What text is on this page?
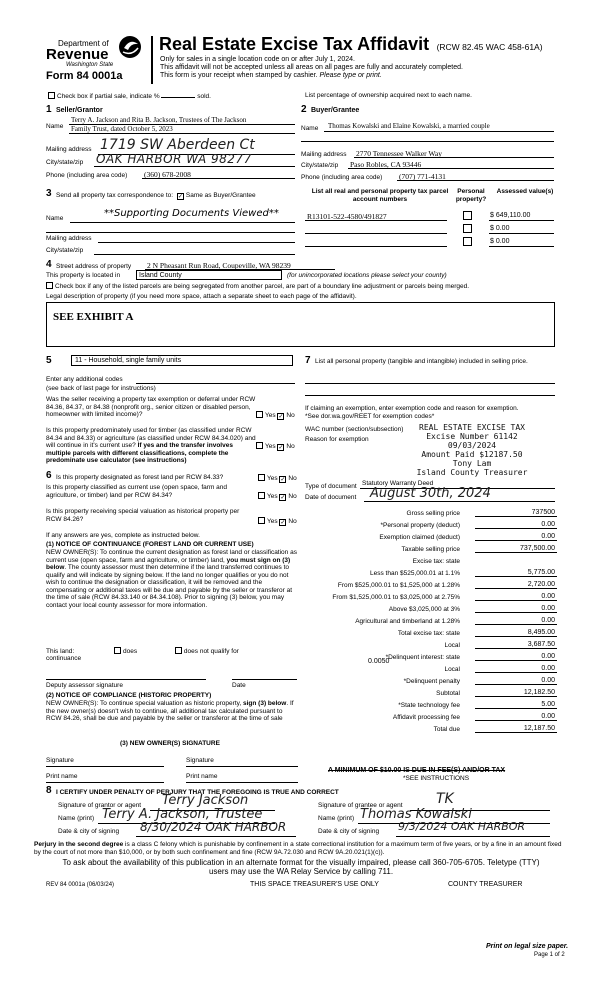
Department of
Revenue
Washington State
Form 84 0001a
Real Estate Excise Tax Affidavit (RCW 82.45 WAC 458-61A)
Only for sales in a single location code on or after July 1, 2024.
This affidavit will not be accepted unless all areas on all pages are fully and accurately completed.
This form is your receipt when stamped by cashier. Please type or print.
Check box if partial sale, indicate %	sold.	List percentage of ownership acquired next to each name.
1 Seller/Grantor
Name
Terry A. Jackson and Rita B. Jackson, Trustees of The Jackson
Family Trust, dated October 5, 2023
Mailing address 1719 SW Aberdeen Ct
City/state/zip OAK HARBOR WA 98277
Phone (including area code) (360) 678-2008
2 Buyer/Grantee
Name Thomas Kowalski and Elaine Kowalski, a married couple
Mailing address 2770 Tennessee Walker Way
City/state/zip Paso Robles, CA 93446
Phone (including area code) (707) 771-4131
3 Send all property tax correspondence to: ✓ Same as Buyer/Grantee
Name	**Supporting Documents Viewed**
Mailing address
City/state/zip
List all real and personal property tax parcel account numbers
Personal property?
Assessed value(s)
R13101-522-4580/491827	$ 649,110.00
$ 0.00
$ 0.00
4 Street address of property 2 N Pheasant Run Road, Coupeville, WA 98239
This property is located in	Island County	(for unincorporated locations please select your county)
Check box if any of the listed parcels are being segregated from another parcel, are part of a boundary line adjustment or parcels being merged.
Legal description of property (if you need more space, attach a separate sheet to each page of the affidavit).
SEE EXHIBIT A
5	11 - Household, single family units
Enter any additional codes
(see back of last page for instructions)
Was the seller receiving a property tax exemption or deferral under RCW 84.36, 84.37, or 84.38 (nonprofit org., senior citizen or disabled person, homeowner with limited income)?	Yes ✓ No
Is this property predominately used for timber (as classified under RCW 84.34 and 84.33) or agriculture (as classified under RCW 84.34.020) and will continue in it's current use? If yes and the transfer involves multiple parcels with different classifications, complete the predominate use calculator (see instructions)
Yes ✓ No
6 Is this property designated as forest land per RCW 84.33?	Yes ✓ No
Is this property classified as current use (open space, farm and agriculture, or timber) land per RCW 84.34?	Yes ✓ No
Is this property receiving special valuation as historical property per RCW 84.26?	Yes ✓ No
If any answers are yes, complete as instructed below.
(1) NOTICE OF CONTINUANCE (FOREST LAND OR CURRENT USE)
NEW OWNER(S): To continue the current designation as forest land or classification as current use (open space, farm and agriculture, or timber) land, you must sign on (3) below. The county assessor must then determine if the land transferred continues to qualify and will indicate by signing below. If the land no longer qualifies or you do not wish to continue the designation or classification, it will be removed and the compensating or additional taxes will be due and payable by the seller or transferor at the time of sale (RCW 84.33.140 or 84.34.108). Prior to signing (3) below, you may contact your local county assessor for more information.
This land:	does	does not qualify for
continuance
Deputy assessor signature	Date
(2) NOTICE OF COMPLIANCE (HISTORIC PROPERTY)
NEW OWNER(S): To continue special valuation as historic property, sign (3) below. If the new owner(s) doesn't wish to continue, all additional tax calculated pursuant to RCW 84.26, shall be due and payable by the seller or transferor at the time of sale
(3) NEW OWNER(S) SIGNATURE
Signature	Signature
Print name	Print name
7 List all personal property (tangible and intangible) included in selling price.
If claiming an exemption, enter exemption code and reason for exemption. *See dor.wa.gov/REET for exemption codes*
WAC number (section/subsection)
Reason for exemption
REAL ESTATE EXCISE TAX
Excise Number 61142
09/03/2024
Amount Paid $12187.50
Tony Lam
Island County Treasurer
Type of document Statutory Warranty Deed
Date of document August 30th, 2024
Gross selling price	737500
*Personal property (deduct)	0.00
Exemption claimed (deduct)	0.00
Taxable selling price	737,500.00
Excise tax: state
Less than $525,000.01 at 1.1%	5,775.00
From $525,000.01 to $1,525,000 at 1.28%	2,720.00
From $1,525,000.01 to $3,025,000 at 2.75%	0.00
Above $3,025,000 at 3%	0.00
Agricultural and timberland at 1.28%	0.00
Total excise tax: state	8,495.00
Local	3,687.50
*Delinquent interest: state	0.00
Local	0.00
*Delinquent penalty	0.00
Subtotal	12,182.50
*State technology fee	5.00
Affidavit processing fee	0.00
Total due	12,187.50
0.0050
A MINIMUM OF $10.00 IS DUE IN FEE(S) AND/OR TAX
*SEE INSTRUCTIONS
8 I CERTIFY UNDER PENALTY OF PERJURY THAT THE FOREGOING IS TRUE AND CORRECT
Signature of grantor or agent Terry Jackson
Name (print) Terry A. Jackson, Trustee
Date & city of signing 8/30/2024 OAK HARBOR
Signature of grantee or agent TK
Name (print) Thomas Kowalski
Date & city of signing 9/3/2024 OAK HARBOR
Perjury in the second degree is a class C felony which is punishable by confinement in a state correctional institution for a maximum term of five years, or by a fine in an amount fixed by the court of not more than $10,000, or by both such confinement and fine (RCW 9A.72.030 and RCW 9A.20.021(1)(c)).
To ask about the availability of this publication in an alternate format for the visually impaired, please call 360-705-6705. Teletype (TTY) users may use the WA Relay Service by calling 711.
REV 84 0001a (06/03/24)	THIS SPACE TREASURER'S USE ONLY	COUNTY TREASURER
Print on legal size paper.
Page 1 of 2
